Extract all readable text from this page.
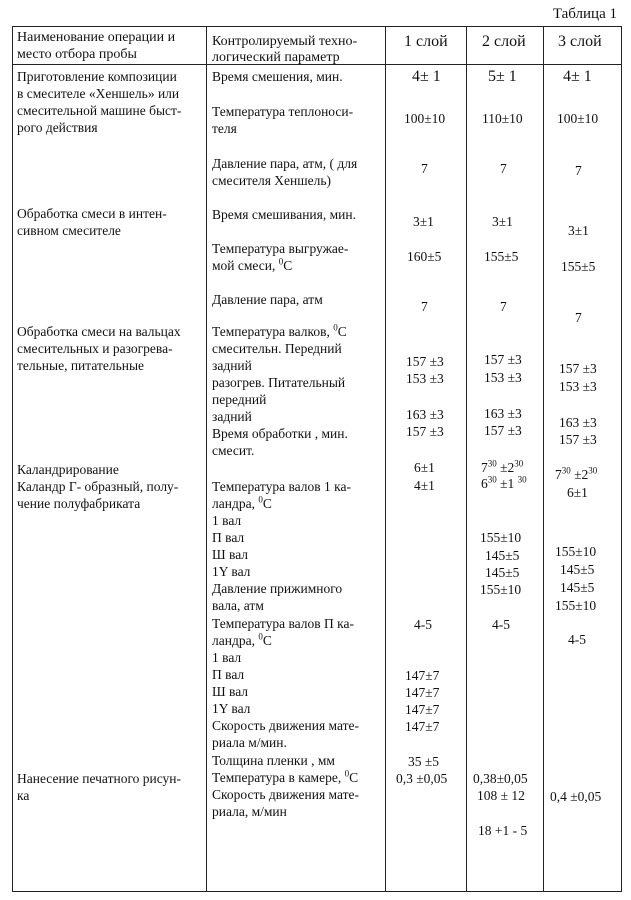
Таблица 1
Наименование операции и
место отбора пробы
Контролируемый техно-
логический параметр
1 слой 2 слой 3 слой
Приготовление композиции
в смесителе «Хеншель» или
смесительной машине быст-
рого действия
Обработка смеси в интен-
сивном смесителе
Обработка смеси на вальцах
смесительных и разогрева-
тельные, питательные
Каландрирование
Каландр Г- образный, полу-
чение полуфабриката
Нанесение печатного рисун-
ка
Время смешения, мин.
Температура теплоноси-
теля
Давление пара, атм, ( для
смесителя Хеншель)
Время смешивания, мин.
Температура выгружае-
мой смеси, $^0$С
Давление пара, атм
Температура валков, $^0$С
смесительн. Передний
задний
разогрев. Питательный
передний
задний
Время обработки , мин.
смесит.
Температура валов 1 ка-
ландра, $^0$С
1 вал
П вал
Ш вал
1Y вал
Давление прижимного
вала, атм
Температура валов П ка-
ландра, $^0$С
1 вал
П вал
Ш вал
1Y вал
Скорость движения мате-
риала м/мин.
Толщина пленки , мм
Температура в камере, $^0$С
Скорость движения мате-
риала, м/мин
4± 1
100±10
7
3±1
160±5
7
157 ±3
153 ±3
163 ±3
157 ±3
6±1
4±1
4-5
147±7
147±7
147±7
147±7
35 ±5
0,3 ±0,05
5± 1
110±10
7
3±1
155±5
7
157 ±3
153 ±3
163 ±3
157 ±3
$7^{30} \pm 2^{30}$
$6^{30} \pm 1$ $^{30}$
155±10
145±5
145±5
155±10
4-5
0,38±0,05
108 ± 12
18 +1 - 5
4± 1
100±10
7
3±1
155±5
7
157 ±3
153 ±3
163 ±3
157 ±3
$7^{30} \pm 2^{30}$
6±1
155±10
145±5
145±5
155±10
4-5
0,4 ±0,05
